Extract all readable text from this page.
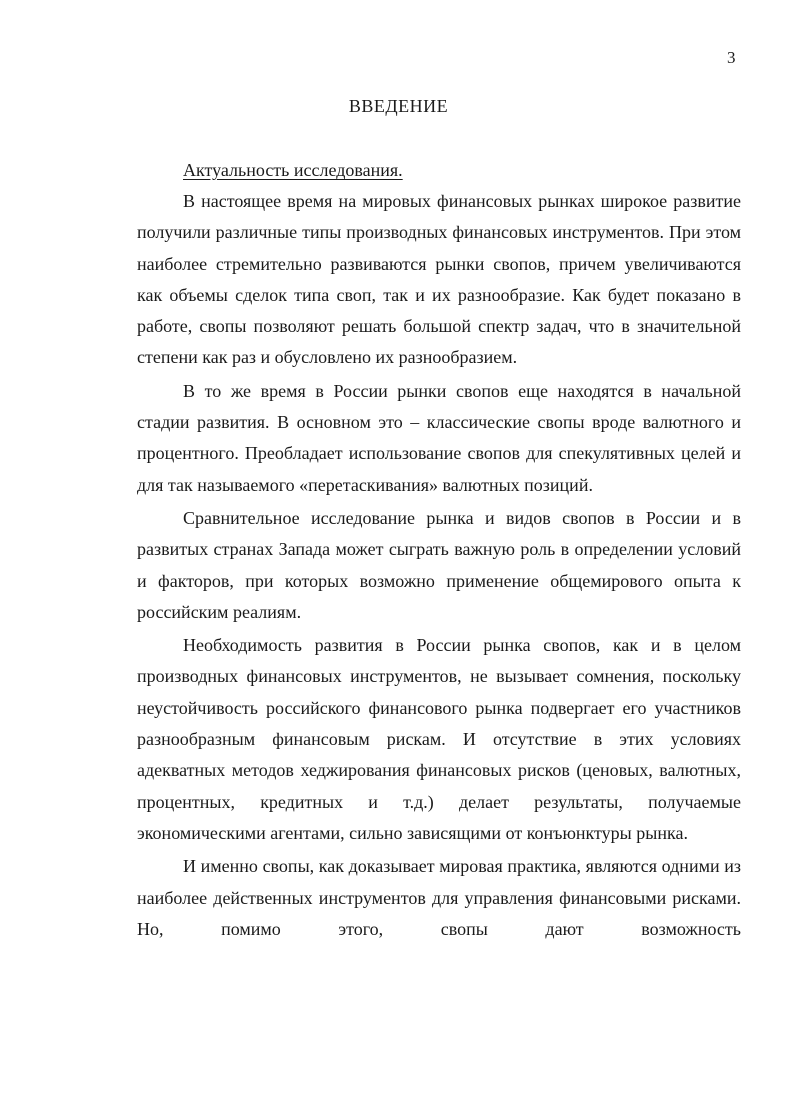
3
ВВЕДЕНИЕ
Актуальность исследования.

В настоящее время на мировых финансовых рынках широкое развитие получили различные типы производных финансовых инструментов. При этом наиболее стремительно развиваются рынки свопов, причем увеличиваются как объемы сделок типа своп, так и их разнообразие. Как будет показано в работе, свопы позволяют решать большой спектр задач, что в значительной степени как раз и обусловлено их разнообразием.

В то же время в России рынки свопов еще находятся в начальной стадии развития. В основном это – классические свопы вроде валютного и процентного. Преобладает использование свопов для спекулятивных целей и для так называемого «перетаскивания» валютных позиций.

Сравнительное исследование рынка и видов свопов в России и в развитых странах Запада может сыграть важную роль в определении условий и факторов, при которых возможно применение общемирового опыта к российским реалиям.

Необходимость развития в России рынка свопов, как и в целом производных финансовых инструментов, не вызывает сомнения, поскольку неустойчивость российского финансового рынка подвергает его участников разнообразным финансовым рискам. И отсутствие в этих условиях адекватных методов хеджирования финансовых рисков (ценовых, валютных, процентных, кредитных и т.д.) делает результаты, получаемые экономическими агентами, сильно зависящими от конъюнктуры рынка.

И именно свопы, как доказывает мировая практика, являются одними из наиболее действенных инструментов для управления финансовыми рисками. Но, помимо этого, свопы дают возможность
